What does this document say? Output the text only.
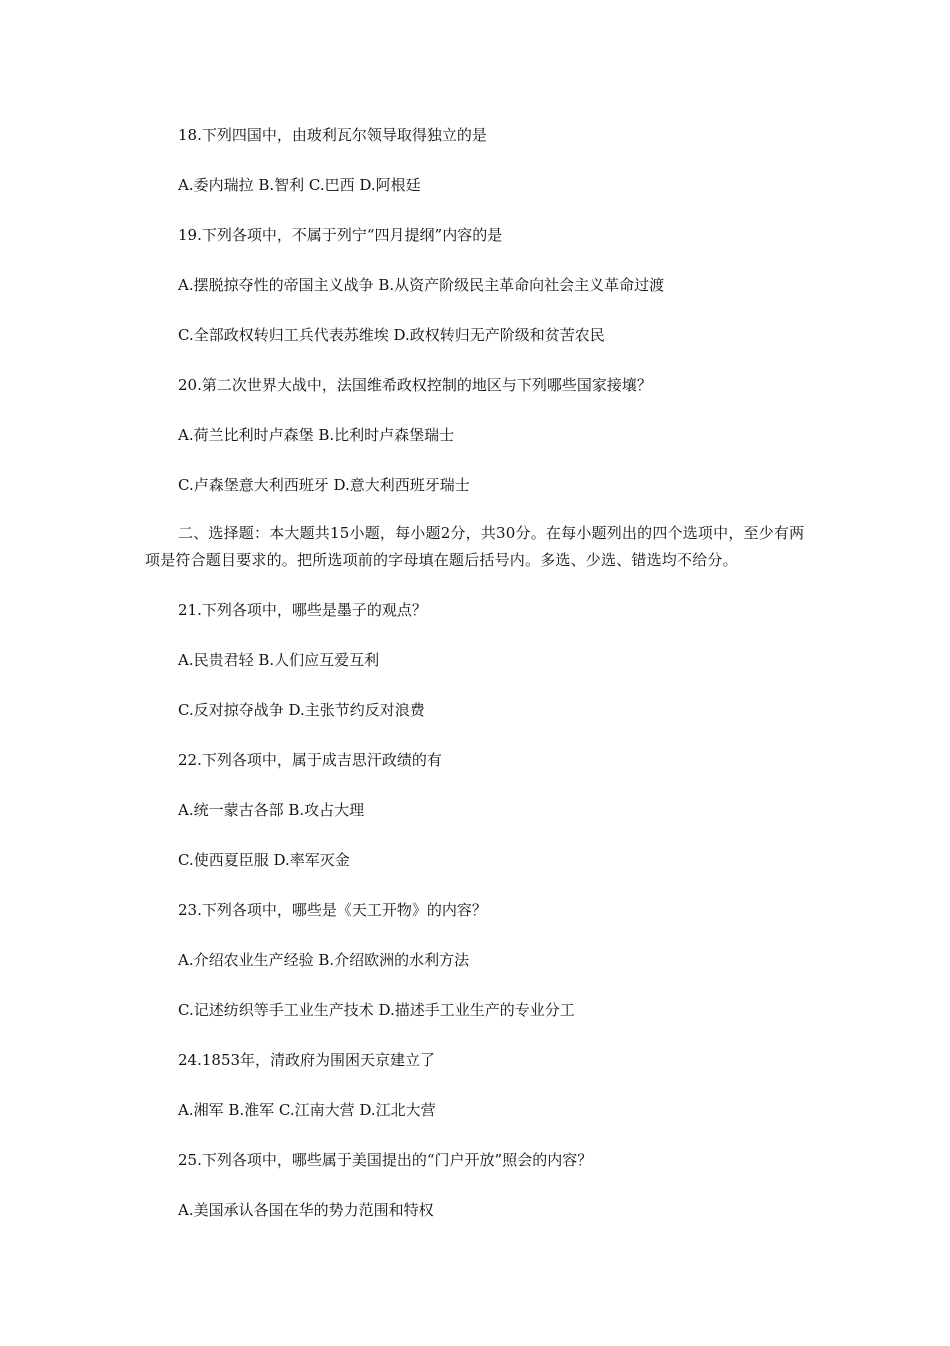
18.下列四国中，由玻利瓦尔领导取得独立的是
A.委内瑞拉 B.智利 C.巴西 D.阿根廷
19.下列各项中，不属于列宁“四月提纲”内容的是
A.摆脱掠夺性的帝国主义战争 B.从资产阶级民主革命向社会主义革命过渡
C.全部政权转归工兵代表苏维埃 D.政权转归无产阶级和贫苦农民
20.第二次世界大战中，法国维希政权控制的地区与下列哪些国家接壤？
A.荷兰比利时卢森堡 B.比利时卢森堡瑞士
C.卢森堡意大利西班牙 D.意大利西班牙瑞士
二、选择题：本大题共15小题，每小题2分，共30分。在每小题列出的四个选项中，至少有两项是符合题目要求的。把所选项前的字母填在题后括号内。多选、少选、错选均不给分。
21.下列各项中，哪些是墨子的观点？
A.民贵君轻 B.人们应互爱互利
C.反对掠夺战争 D.主张节约反对浪费
22.下列各项中，属于成吉思汗政绩的有
A.统一蒙古各部 B.攻占大理
C.使西夏臣服 D.率军灭金
23.下列各项中，哪些是《天工开物》的内容？
A.介绍农业生产经验 B.介绍欧洲的水利方法
C.记述纺织等手工业生产技术 D.描述手工业生产的专业分工
24.1853年，清政府为围困天京建立了
A.湘军 B.淮军 C.江南大营 D.江北大营
25.下列各项中，哪些属于美国提出的“门户开放”照会的内容？
A.美国承认各国在华的势力范围和特权
